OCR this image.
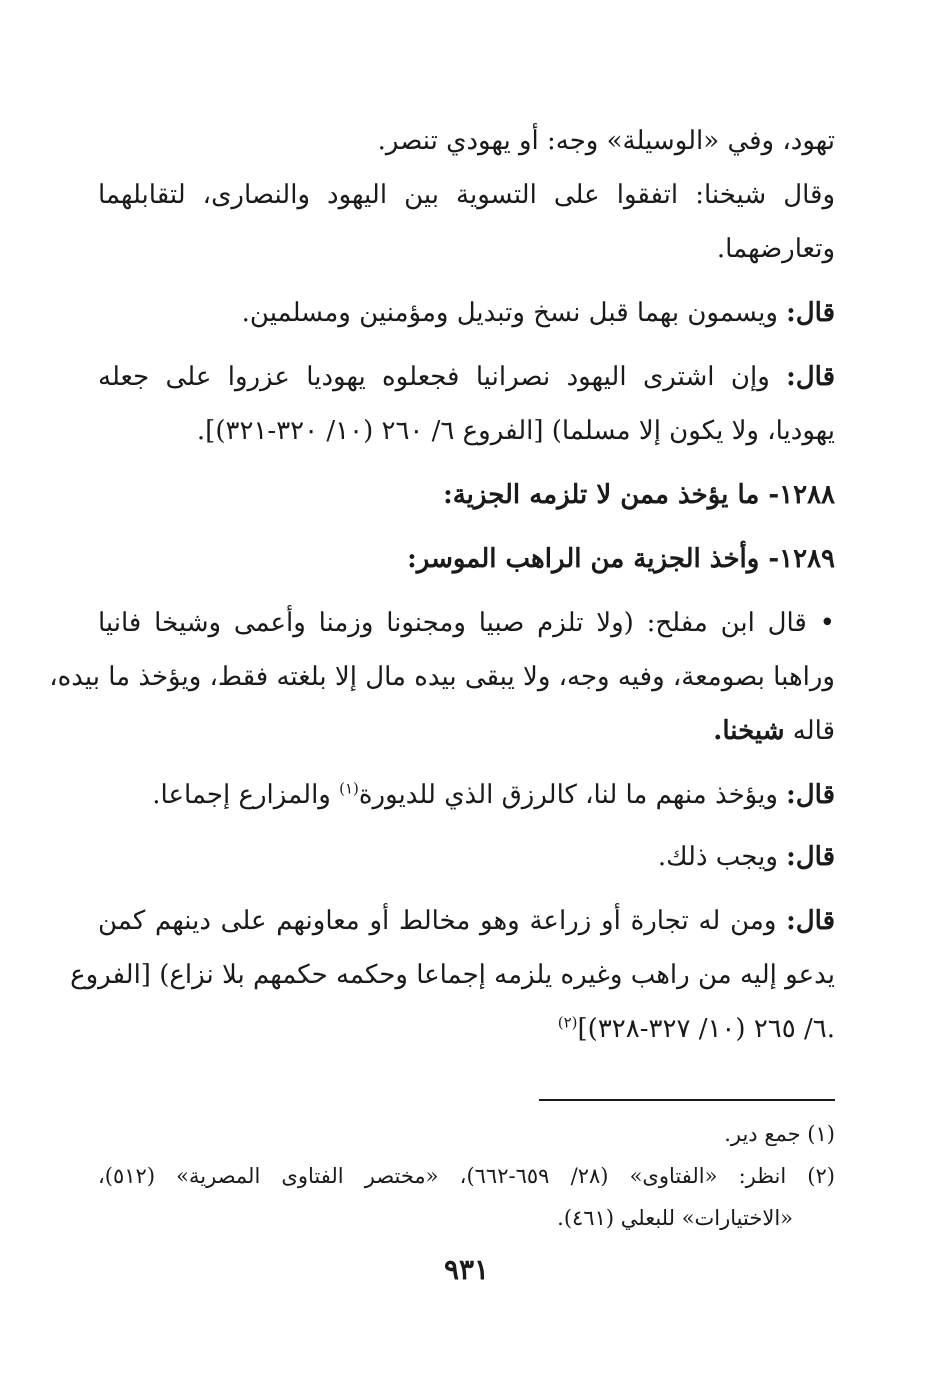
تهود، وفي «الوسيلة» وجه: أو يهودي تنصر.
وقال شيخنا: اتفقوا على التسوية بين اليهود والنصارى، لتقابلهما
وتعارضهما.
قال: ويسمون بهما قبل نسخ وتبديل ومؤمنين ومسلمين.
قال: وإن اشترى اليهود نصرانيا فجعلوه يهوديا عزروا على جعله
يهوديا، ولا يكون إلا مسلما) [الفروع ٦/ ٢٦٠ (١٠/ ٣٢٠-٣٢١)].
١٢٨٨- ما يؤخذ ممن لا تلزمه الجزية:
١٢٨٩- وأخذ الجزية من الراهب الموسر:
• قال ابن مفلح: (ولا تلزم صبيا ومجنونا وزمنا وأعمى وشيخا فانيا
وراهبا بصومعة، وفيه وجه، ولا يبقى بيده مال إلا بلغته فقط، ويؤخذ ما بيده،
قاله شيخنا.
قال: ويؤخذ منهم ما لنا، كالرزق الذي للديورة$^{(١)}$ والمزارع إجماعا.
قال: ويجب ذلك.
قال: ومن له تجارة أو زراعة وهو مخالط أو معاونهم على دينهم كمن
يدعو إليه من راهب وغيره يلزمه إجماعا وحكمه حكمهم بلا نزاع) [الفروع
٦/ ٢٦٥ (١٠/ ٣٢٧-٣٢٨)]$^{(٢)}$	.
(١) جمع دير.
(٢) انظر: «الفتاوى» (٢٨/ ٦٥٩-٦٦٢)، «مختصر الفتاوى المصرية» (٥١٢)،
«الاختيارات» للبعلي (٤٦١).
٩٣١
